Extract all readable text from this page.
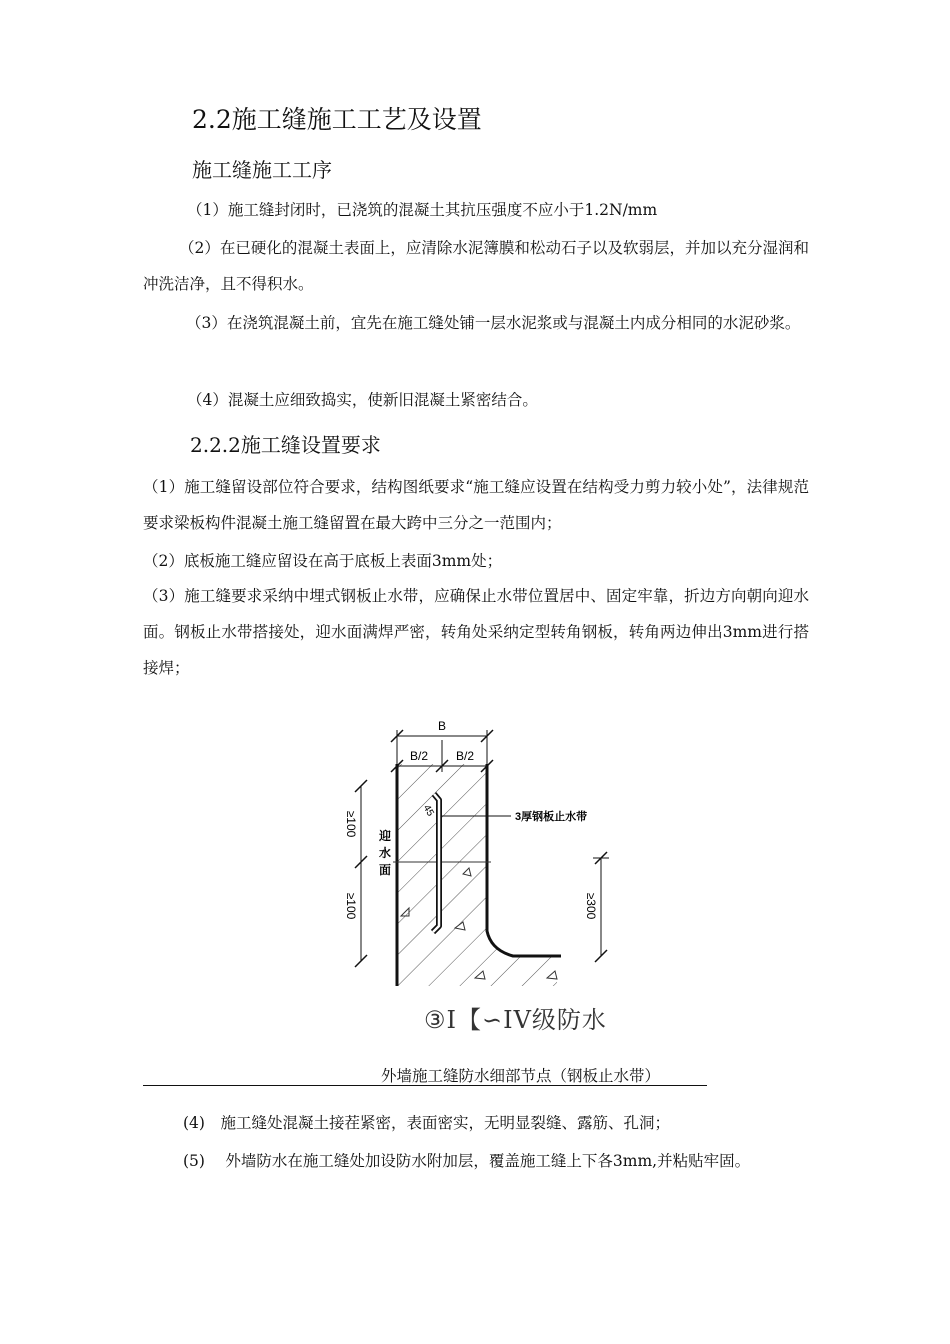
2.2施工缝施工工艺及设置
施工缝施工工序
（1）施工缝封闭时，已浇筑的混凝土其抗压强度不应小于1.2N/mm
（2）在已硬化的混凝土表面上，应清除水泥簿膜和松动石子以及软弱层，并加以充分湿润和冲洗洁净，且不得积水。
（3）在浇筑混凝土前，宜先在施工缝处铺一层水泥浆或与混凝土内成分相同的水泥砂浆。
（4）混凝土应细致捣实，使新旧混凝土紧密结合。
2.2.2施工缝设置要求
（1）施工缝留设部位符合要求，结构图纸要求“施工缝应设置在结构受力剪力较小处”，法律规范要求梁板构件混凝土施工缝留置在最大跨中三分之一范围内；
（2）底板施工缝应留设在高于底板上表面3mm处；
（3）施工缝要求采纳中埋式钢板止水带，应确保止水带位置居中、固定牢靠，折边方向朝向迎水面。钢板止水带搭接处，迎水面满焊严密，转角处采纳定型转角钢板，转角两边伸出3mm进行搭接焊；
B
B/2 B/2
≥100
≥100
迎
水
面
45	3厚钢板止水带
≥300
③I【∽IV级防水
外墙施工缝防水细部节点（钢板止水带）
(4)　施工缝处混凝土接茬紧密，表面密实，无明显裂缝、露筋、孔洞；
(5)　 外墙防水在施工缝处加设防水附加层，覆盖施工缝上下各3mm,并粘贴牢固。
